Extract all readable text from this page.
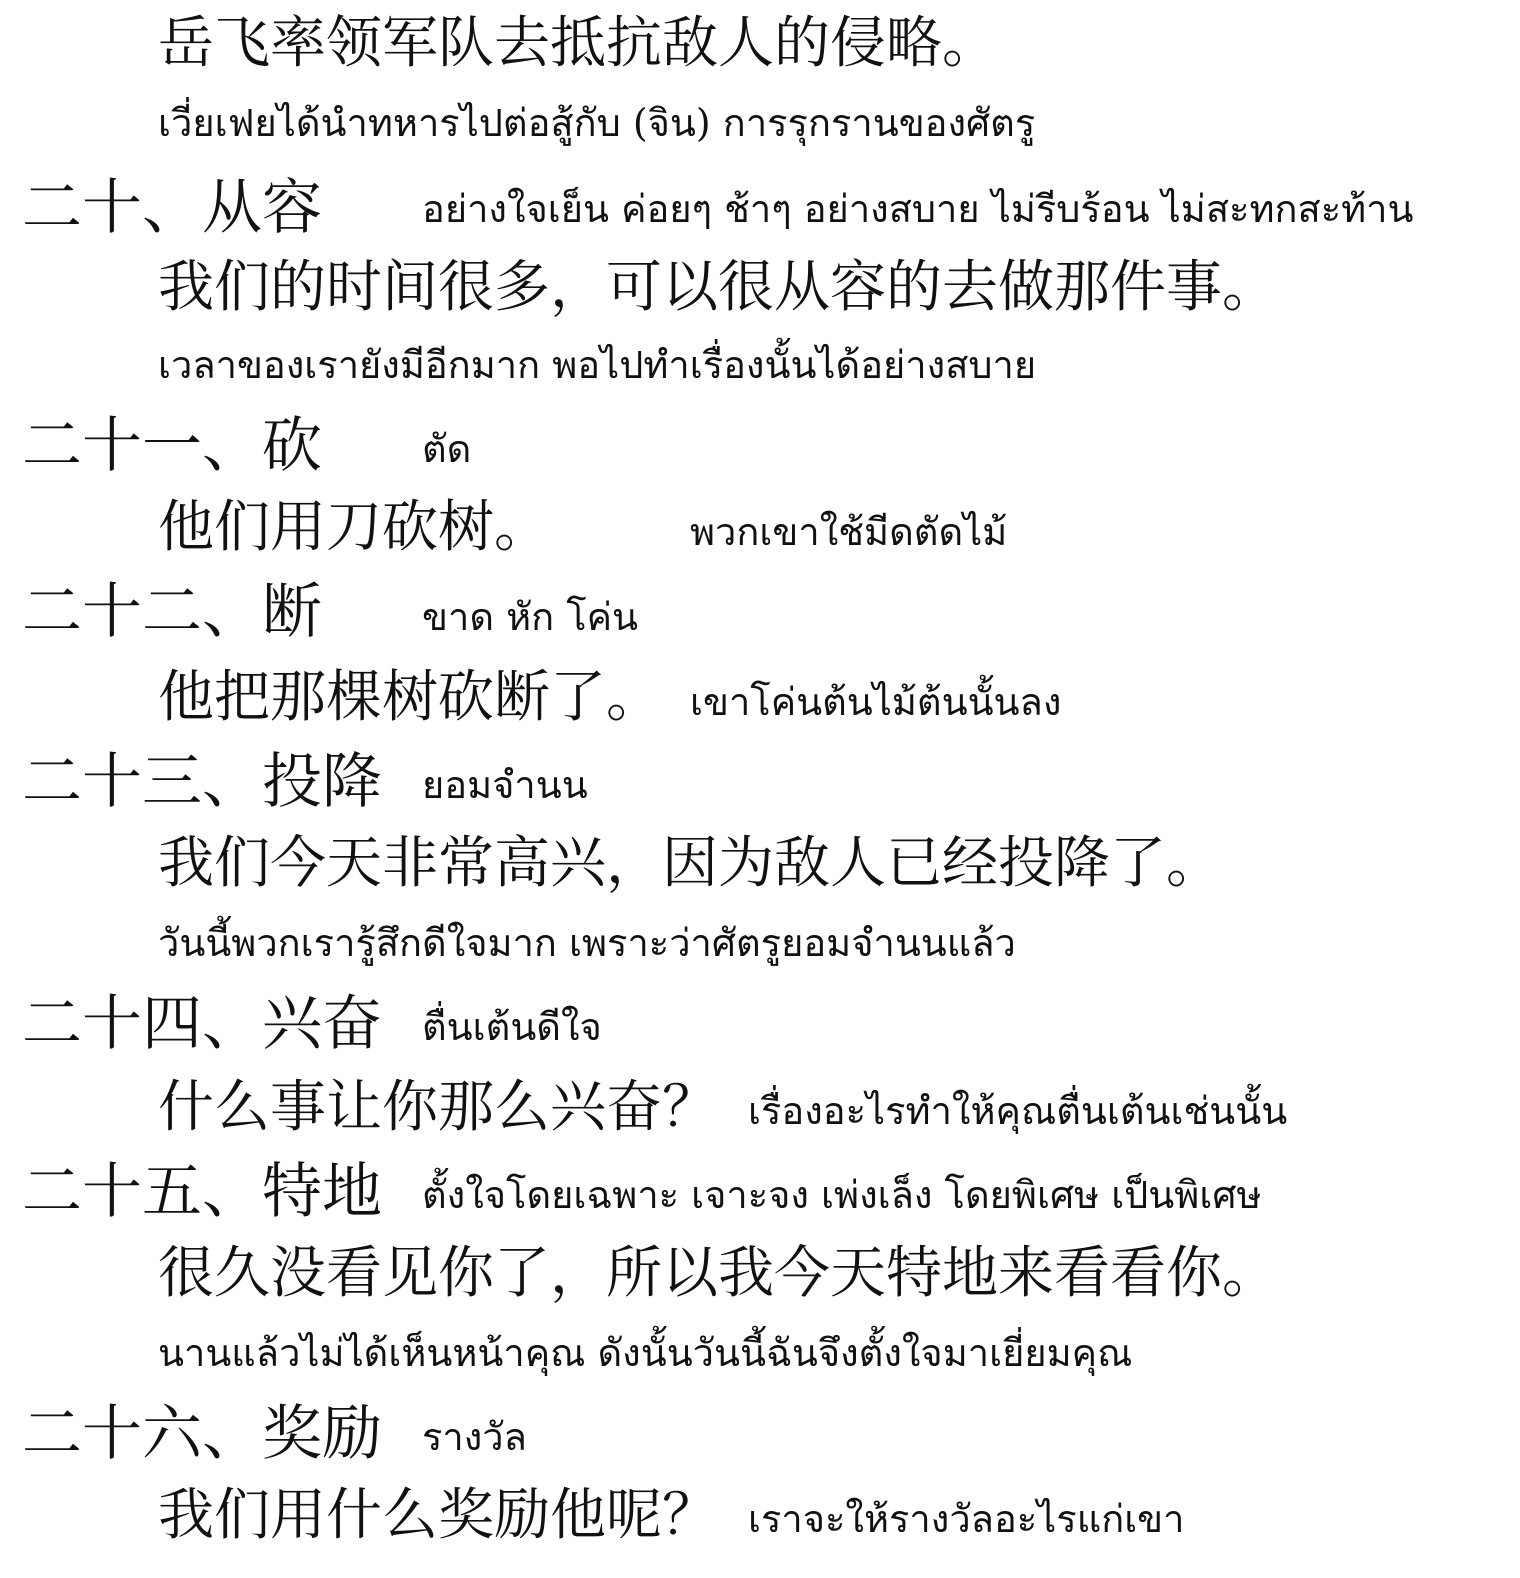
岳飞率领军队去抵抗敌人的侵略。
เวี่ยเฟยได้นำทหารไปต่อสู้กับ (จิน) การรุกรานของศัตรู
二十、从容	อย่างใจเย็น ค่อยๆ ช้าๆ อย่างสบาย ไม่รีบร้อน ไม่สะทกสะท้าน
我们的时间很多，可以很从容的去做那件事。
เวลาของเรายังมีอีกมาก พอไปทำเรื่องนั้นได้อย่างสบาย
二十一、砍	ตัด
他们用刀砍树。	พวกเขาใช้มีดตัดไม้
二十二、断	ขาด หัก โค่น
他把那棵树砍断了。 เขาโค่นต้นไม้ต้นนั้นลง
二十三、投降 ยอมจำนน
我们今天非常高兴，因为敌人已经投降了。
วันนี้พวกเรารู้สึกดีใจมาก เพราะว่าศัตรูยอมจำนนแล้ว
二十四、兴奋 ตื่นเต้นดีใจ
什么事让你那么兴奋？ เรื่องอะไรทำให้คุณตื่นเต้นเช่นนั้น
二十五、特地 ตั้งใจโดยเฉพาะ เจาะจง เพ่งเล็ง โดยพิเศษ เป็นพิเศษ
很久没看见你了，所以我今天特地来看看你。
นานแล้วไม่ได้เห็นหน้าคุณ ดังนั้นวันนี้ฉันจึงตั้งใจมาเยี่ยมคุณ
二十六、奖励 รางวัล
我们用什么奖励他呢？ เราจะให้รางวัลอะไรแก่เขา
